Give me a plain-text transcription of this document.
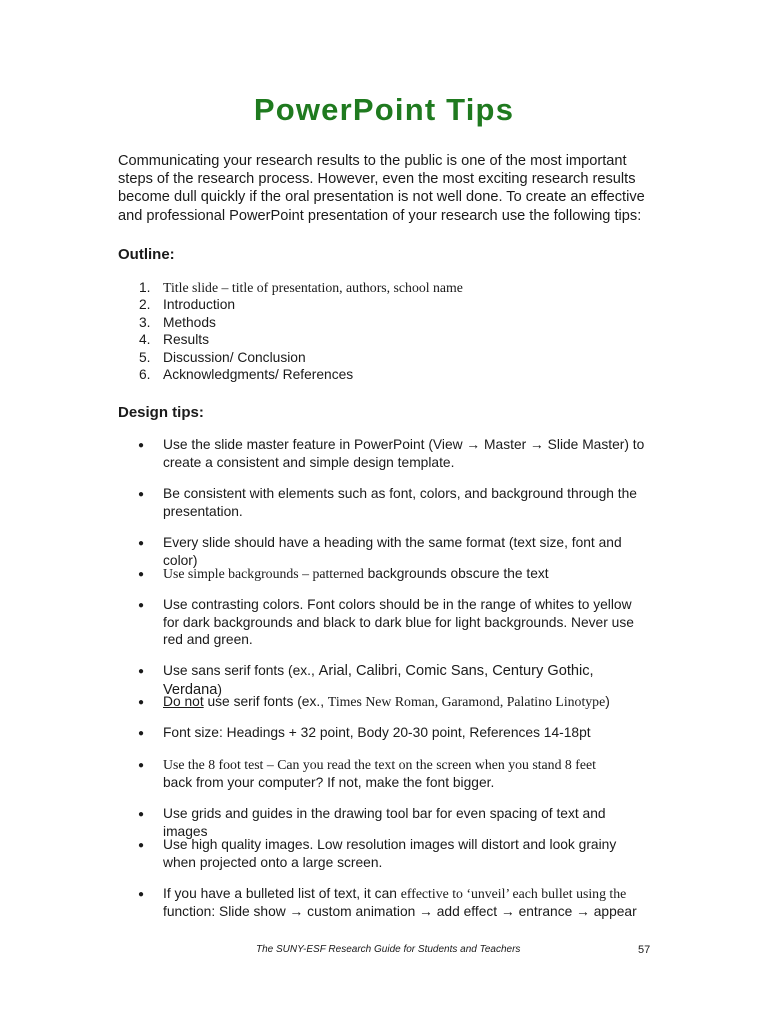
PowerPoint Tips
Communicating your research results to the public is one of the most important steps of the research process. However, even the most exciting research results become dull quickly if the oral presentation is not well done. To create an effective and professional PowerPoint presentation of your research use the following tips:
Outline:
1. Title slide – title of presentation, authors, school name
2. Introduction
3. Methods
4. Results
5. Discussion/ Conclusion
6. Acknowledgments/ References
Design tips:
● Use the slide master feature in PowerPoint (View → Master → Slide Master) to create a consistent and simple design template.
● Be consistent with elements such as font, colors, and background through the presentation.
● Every slide should have a heading with the same format (text size, font and color)
● Use simple backgrounds – patterned backgrounds obscure the text
● Use contrasting colors. Font colors should be in the range of whites to yellow for dark backgrounds and black to dark blue for light backgrounds. Never use red and green.
● Use sans serif fonts (ex., Arial, Calibri, Comic Sans, Century Gothic, Verdana)
● Do not use serif fonts (ex., Times New Roman, Garamond, Palatino Linotype)
● Font size: Headings + 32 point, Body 20-30 point, References 14-18pt
● Use the 8 foot test – Can you read the text on the screen when you stand 8 feet
back from your computer? If not, make the font bigger.
● Use grids and guides in the drawing tool bar for even spacing of text and images
● Use high quality images. Low resolution images will distort and look grainy when projected onto a large screen.
● If you have a bulleted list of text, it can effective to ‘unveil’ each bullet using the
function: Slide show → custom animation → add effect → entrance → appear
The SUNY-ESF Research Guide for Students and Teachers	57
